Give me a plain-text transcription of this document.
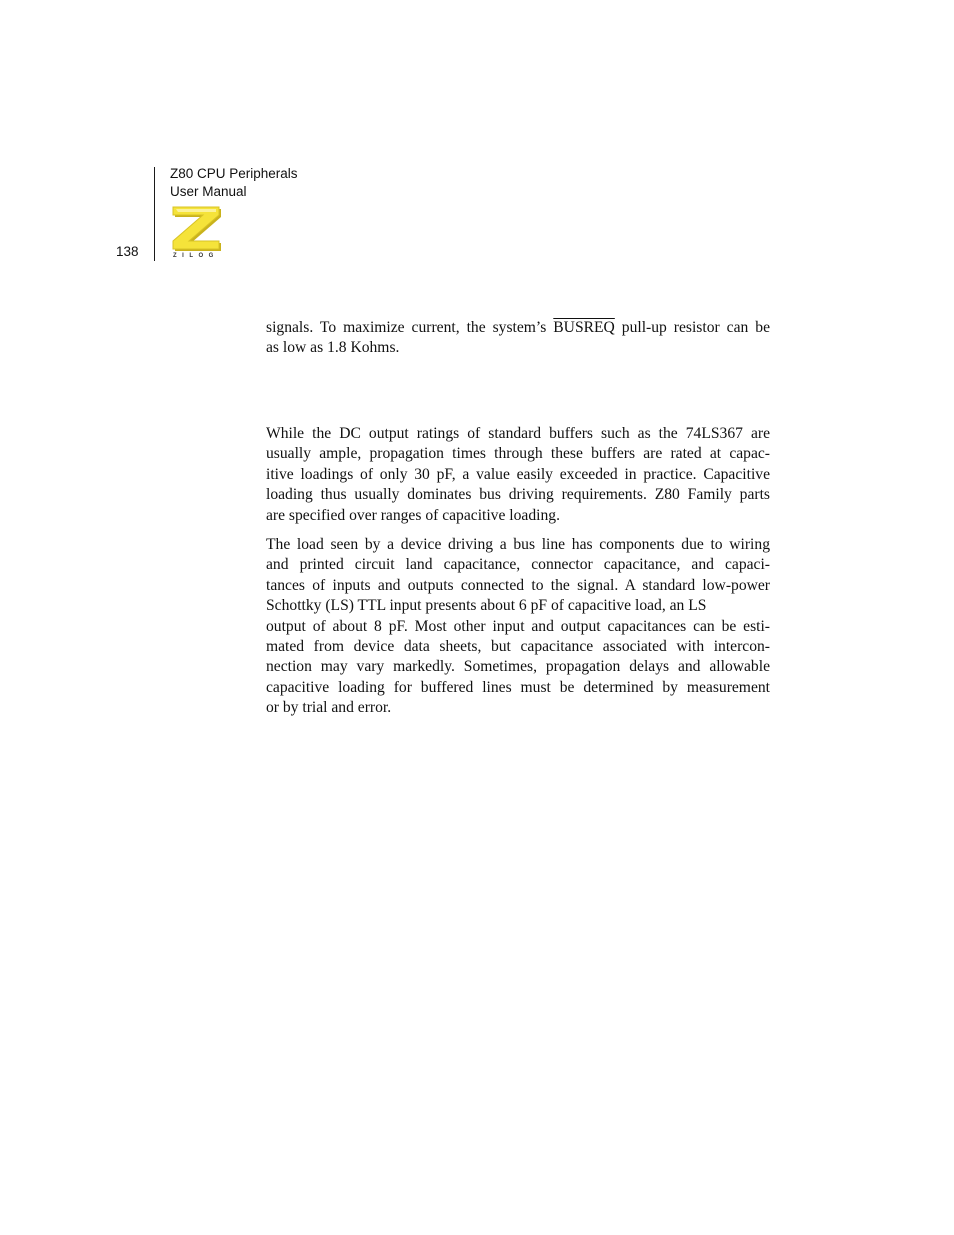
Z80 CPU Peripherals
User Manual
138	ZILOG

signals. To maximize current, the system’s BUSREQ pull-up resistor can be
as low as 1.8 Kohms.

While the DC output ratings of standard buffers such as the 74LS367 are
usually ample, propagation times through these buffers are rated at capac-
itive loadings of only 30 pF, a value easily exceeded in practice. Capacitive
loading thus usually dominates bus driving requirements. Z80 Family parts
are specified over ranges of capacitive loading.

The load seen by a device driving a bus line has components due to wiring
and printed circuit land capacitance, connector capacitance, and capaci-
tances of inputs and outputs connected to the signal. A standard low-power
Schottky (LS) TTL input presents about 6 pF of capacitive load, an LS
output of about 8 pF. Most other input and output capacitances can be esti-
mated from device data sheets, but capacitance associated with intercon-
nection may vary markedly. Sometimes, propagation delays and allowable
capacitive loading for buffered lines must be determined by measurement
or by trial and error.
